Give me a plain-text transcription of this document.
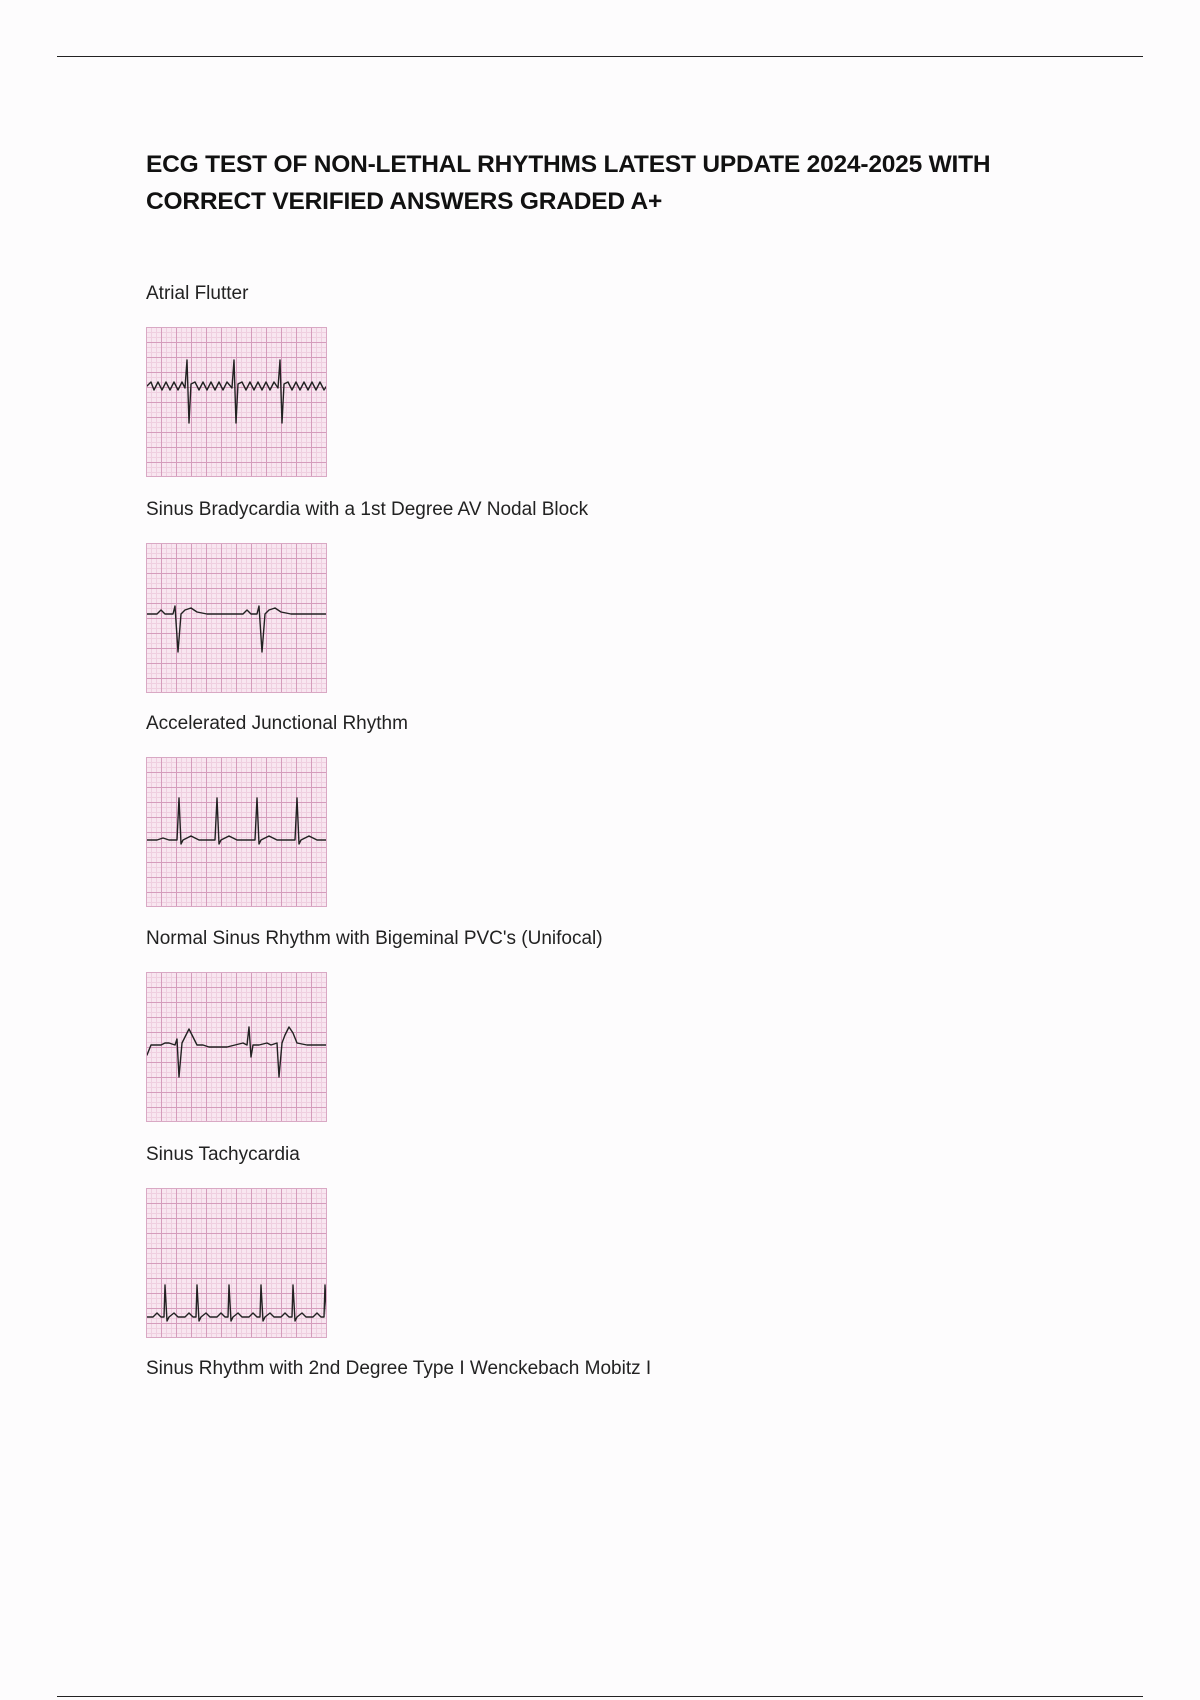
ECG TEST OF NON-LETHAL RHYTHMS LATEST UPDATE 2024-2025 WITH CORRECT VERIFIED ANSWERS GRADED A+

Atrial Flutter

Sinus Bradycardia with a 1st Degree AV Nodal Block

Accelerated Junctional Rhythm

Normal Sinus Rhythm with Bigeminal PVC's (Unifocal)

Sinus Tachycardia

Sinus Rhythm with 2nd Degree Type I Wenckebach Mobitz I
